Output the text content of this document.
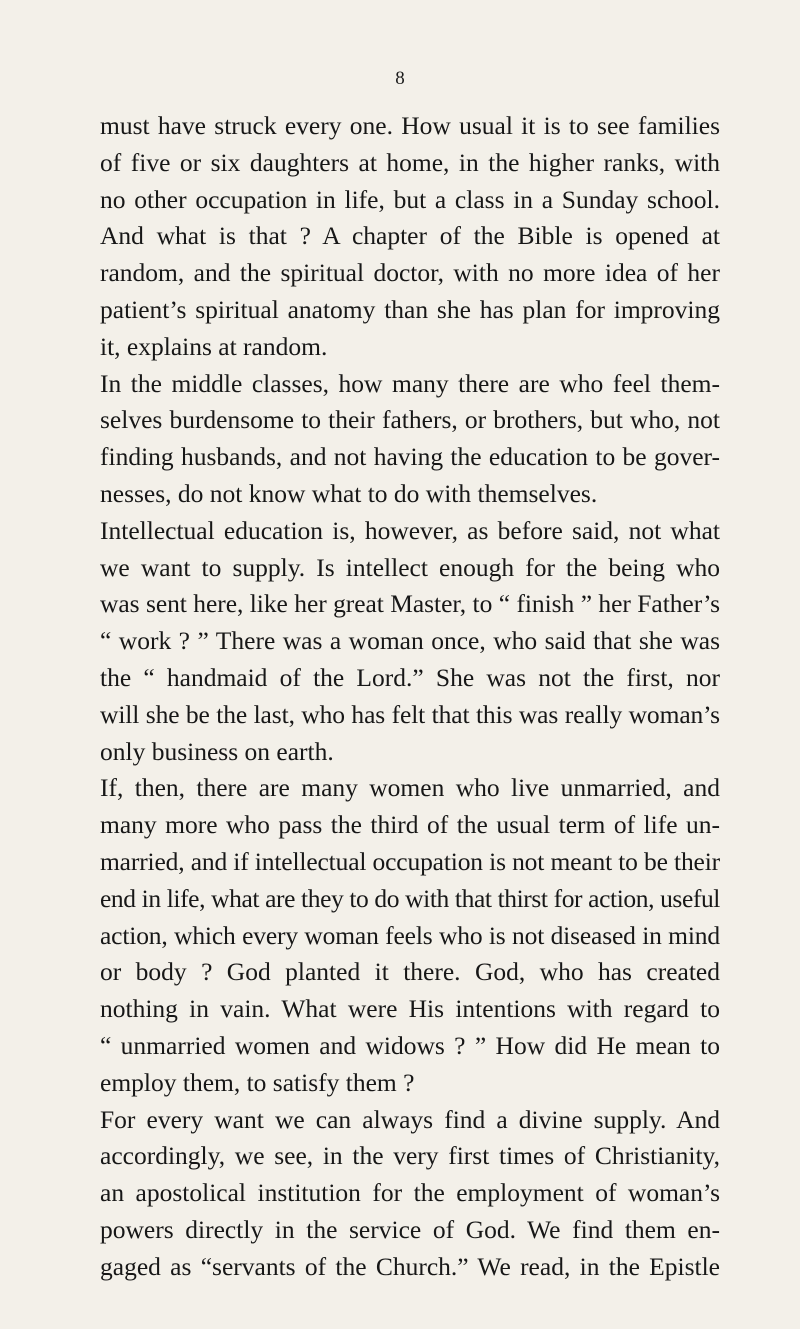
8
must have struck every one. How usual it is to see families
of five or six daughters at home, in the higher ranks, with
no other occupation in life, but a class in a Sunday school.
And what is that ? A chapter of the Bible is opened at
random, and the spiritual doctor, with no more idea of her
patient’s spiritual anatomy than she has plan for improving
it, explains at random.
In the middle classes, how many there are who feel them-
selves burdensome to their fathers, or brothers, but who, not
finding husbands, and not having the education to be gover-
nesses, do not know what to do with themselves.
Intellectual education is, however, as before said, not what
we want to supply. Is intellect enough for the being who
was sent here, like her great Master, to “ finish ” her Father’s
“ work ? ” There was a woman once, who said that she was
the “ handmaid of the Lord.” She was not the first, nor
will she be the last, who has felt that this was really woman’s
only business on earth.
If, then, there are many women who live unmarried, and
many more who pass the third of the usual term of life un-
married, and if intellectual occupation is not meant to be their
end in life, what are they to do with that thirst for action, useful
action, which every woman feels who is not diseased in mind
or body ? God planted it there. God, who has created
nothing in vain. What were His intentions with regard to
“ unmarried women and widows ? ” How did He mean to
employ them, to satisfy them ?
For every want we can always find a divine supply. And
accordingly, we see, in the very first times of Christianity,
an apostolical institution for the employment of woman’s
powers directly in the service of God. We find them en-
gaged as “servants of the Church.” We read, in the Epistle
